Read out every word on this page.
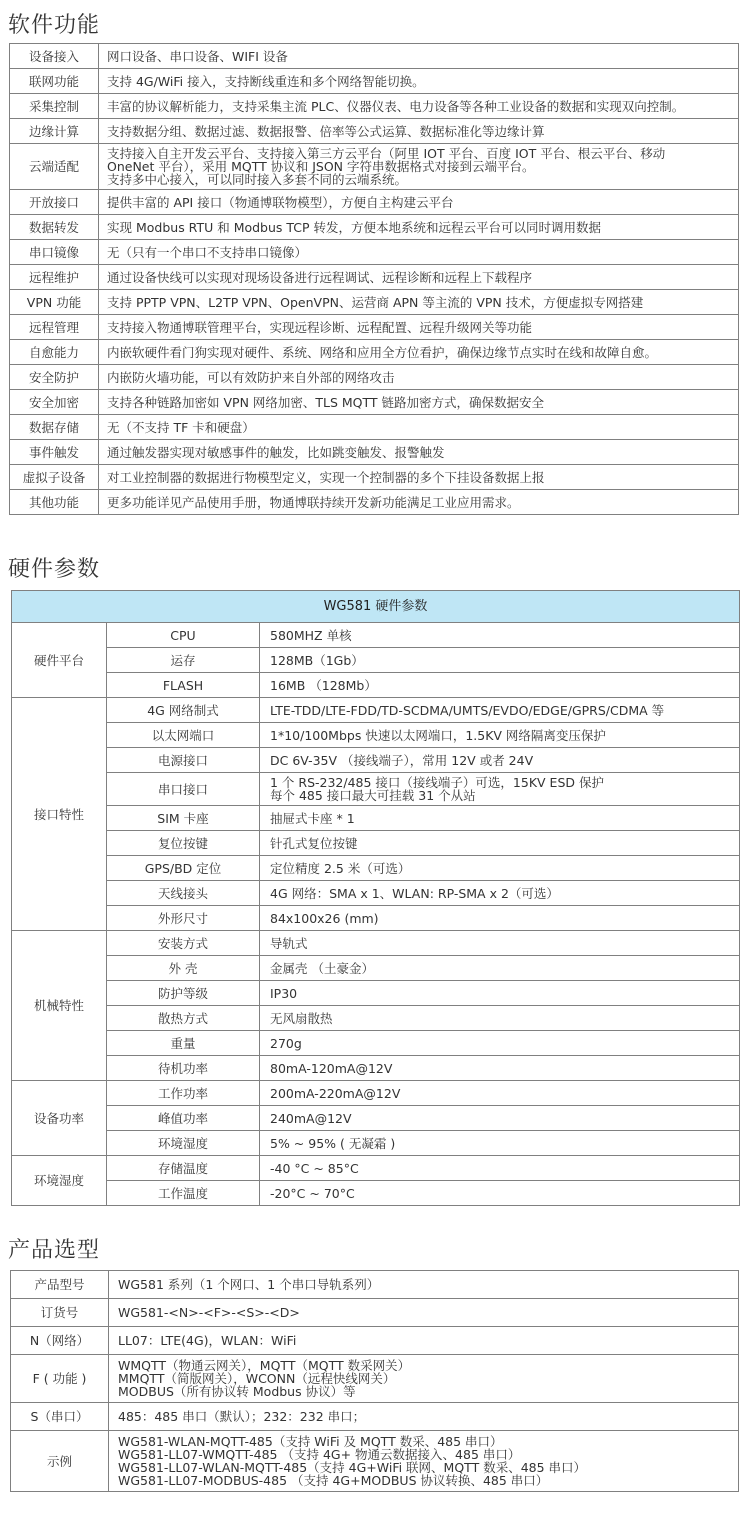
软件功能
设备接入	网口设备、串口设备、WIFI 设备
联网功能	支持 4G/WiFi 接入，支持断线重连和多个网络智能切换。
采集控制	丰富的协议解析能力，支持采集主流 PLC、仪器仪表、电力设备等各种工业设备的数据和实现双向控制。
边缘计算	支持数据分组、数据过滤、数据报警、倍率等公式运算、数据标准化等边缘计算
云端适配	支持接入自主开发云平台、支持接入第三方云平台（阿里 IOT 平台、百度 IOT 平台、根云平台、移动
OneNet 平台），采用 MQTT 协议和 JSON 字符串数据格式对接到云端平台。
支持多中心接入，可以同时接入多套不同的云端系统。

开放接口	提供丰富的 API 接口（物通博联物模型），方便自主构建云平台
数据转发	实现 Modbus RTU 和 Modbus TCP 转发，方便本地系统和远程云平台可以同时调用数据
串口镜像	无（只有一个串口不支持串口镜像）
远程维护	通过设备快线可以实现对现场设备进行远程调试、远程诊断和远程上下载程序
VPN 功能	支持 PPTP VPN、L2TP VPN、OpenVPN、运营商 APN 等主流的 VPN 技术，方便虚拟专网搭建
远程管理	支持接入物通博联管理平台，实现远程诊断、远程配置、远程升级网关等功能
自愈能力	内嵌软硬件看门狗实现对硬件、系统、网络和应用全方位看护，确保边缘节点实时在线和故障自愈。
安全防护	内嵌防火墙功能，可以有效防护来自外部的网络攻击
安全加密	支持各种链路加密如 VPN 网络加密、TLS MQTT 链路加密方式，确保数据安全
数据存储	无（不支持 TF 卡和硬盘）
事件触发	通过触发器实现对敏感事件的触发，比如跳变触发、报警触发
虚拟子设备	对工业控制器的数据进行物模型定义，实现一个控制器的多个下挂设备数据上报
其他功能	更多功能详见产品使用手册，物通博联持续开发新功能满足工业应用需求。
硬件参数
WG581 硬件参数		
硬件平台	CPU	580MHZ 单核
	运存	128MB（1Gb）
	FLASH	16MB （128Mb）
接口特性	4G 网络制式	LTE-TDD/LTE-FDD/TD-SCDMA/UMTS/EVDO/EDGE/GPRS/CDMA 等
	以太网端口	1*10/100Mbps 快速以太网端口，1.5KV 网络隔离变压保护
	电源接口	DC 6V-35V （接线端子），常用 12V 或者 24V
	串口接口	1 个 RS-232/485 接口（接线端子）可选，15KV ESD 保护
每个 485 接口最大可挂载 31 个从站

	SIM 卡座	抽屉式卡座 * 1
	复位按键	针孔式复位按键
	GPS/BD 定位	定位精度 2.5 米（可选）
	天线接头	4G 网络：SMA x 1、WLAN: RP-SMA x 2（可选）
	外形尺寸	84x100x26 (mm)
机械特性	安装方式	导轨式
	外 壳	金属壳 （土豪金）
	防护等级	IP30
	散热方式	无风扇散热
	重量	270g
	待机功率	80mA-120mA@12V
设备功率	工作功率	200mA-220mA@12V
	峰值功率	240mA@12V
	环境湿度	5% ~ 95% ( 无凝霜 )
环境湿度	存储温度	-40 °C ~ 85°C
	工作温度	-20°C ~ 70°C
产品选型
产品型号	WG581 系列（1 个网口、1 个串口导轨系列）
订货号	WG581-<N>-<F>-<S>-<D>
N（网络）	LL07：LTE(4G)，WLAN：WiFi
F ( 功能 )	WMQTT（物通云网关），MQTT（MQTT 数采网关）
MMQTT（简版网关），WCONN（远程快线网关）
MODBUS（所有协议转 Modbus 协议）等

S（串口）	485：485 串口（默认）；232：232 串口；
示例	WG581-WLAN-MQTT-485（支持 WiFi 及 MQTT 数采、485 串口）
WG581-LL07-WMQTT-485 （支持 4G+ 物通云数据接入、485 串口）
WG581-LL07-WLAN-MQTT-485（支持 4G+WiFi 联网、MQTT 数采、485 串口）
WG581-LL07-MODBUS-485 （支持 4G+MODBUS 协议转换、485 串口）
